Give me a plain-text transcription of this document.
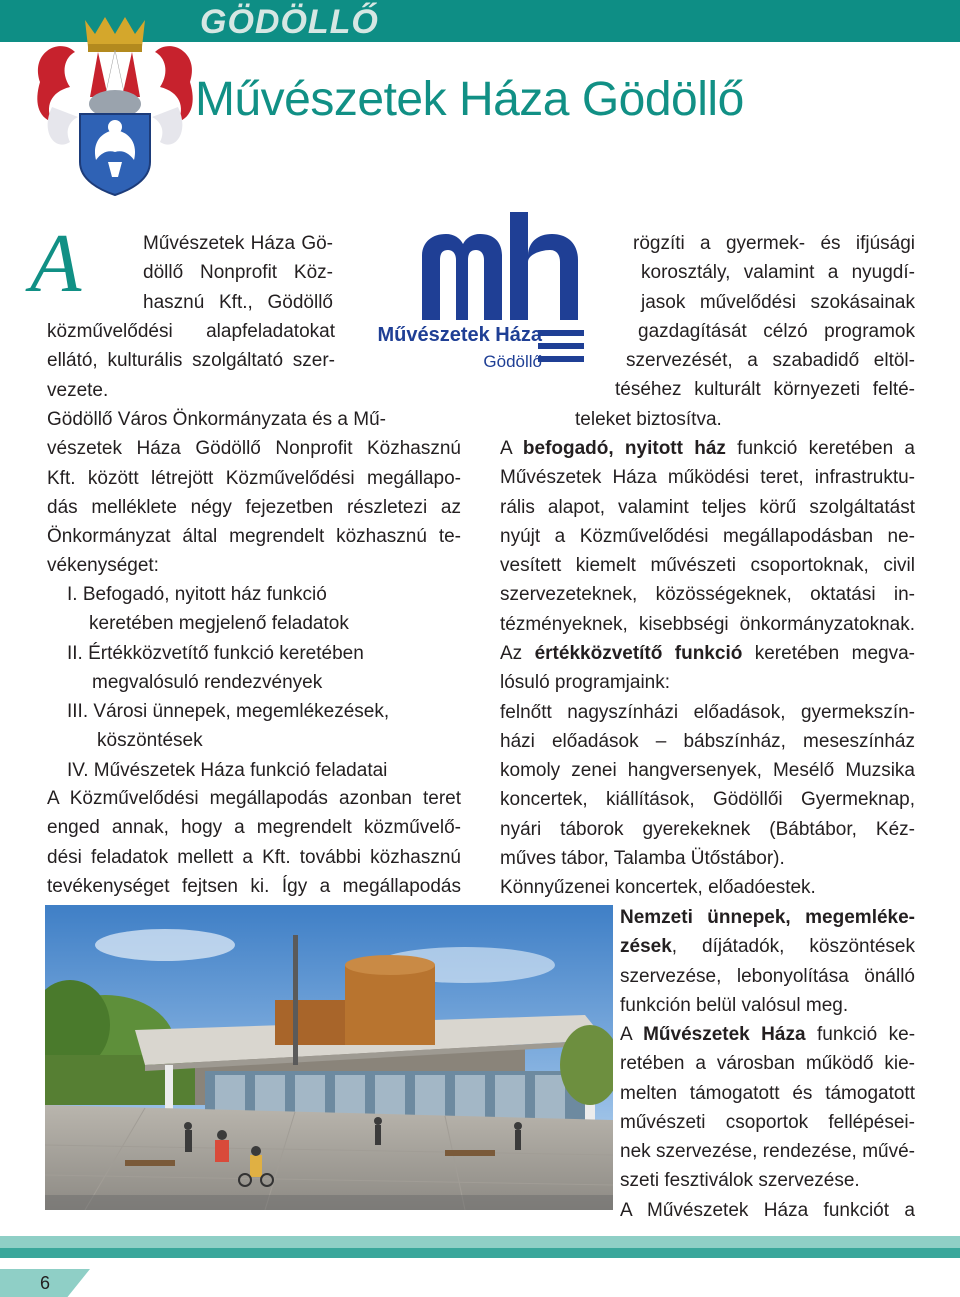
GÖDÖLLŐ
Művészetek Háza Gödöllő
Művészetek Háza
Gödöllő
A	Művészetek Háza Gö-
döllő Nonprofit Köz-
hasznú Kft., Gödöllő
közművelődési alapfeladatokat
ellátó, kulturális szolgáltató szer-
vezete.
Gödöllő Város Önkormányzata és a Mű-
vészetek Háza Gödöllő Nonprofit Közhasznú
Kft. között létrejött Közművelődési megállapo-
dás melléklete négy fejezetben részletezi az
Önkormányzat által megrendelt közhasznú te-
vékenységet:
I. Befogadó, nyitott ház funkció
keretében megjelenő feladatok
II. Értékközvetítő funkció keretében
megvalósuló rendezvények
III. Városi ünnepek, megemlékezések,
köszöntések
IV. Művészetek Háza funkció feladatai
A Közművelődési megállapodás azonban teret
enged annak, hogy a megrendelt közművelő-
dési feladatok mellett a Kft. további közhasznú
tevékenységet fejtsen ki. Így a megállapodás
rögzíti a gyermek- és ifjúsági
korosztály, valamint a nyugdí-
jasok művelődési szokásainak
gazdagítását célzó programok
szervezését, a szabadidő eltöl-
téséhez kulturált környezeti felté-
teleket biztosítva.
A befogadó, nyitott ház funkció keretében a
Művészetek Háza működési teret, infrastruktu-
rális alapot, valamint teljes körű szolgáltatást
nyújt a Közművelődési megállapodásban ne-
vesített kiemelt művészeti csoportoknak, civil
szervezeteknek, közösségeknek, oktatási in-
tézményeknek, kisebbségi önkormányzatoknak.
Az értékközvetítő funkció keretében megva-
lósuló programjaink:
felnőtt nagyszínházi előadások, gyermekszín-
házi előadások – bábszínház, meseszínház
komoly zenei hangversenyek, Mesélő Muzsika
koncertek, kiállítások, Gödöllői Gyermeknap,
nyári táborok gyerekeknek (Bábtábor, Kéz-
műves tábor, Talamba Ütőstábor).
Könnyűzenei koncertek, előadóestek.
Nemzeti ünnepek, megemléke-
zések, díjátadók, köszöntések
szervezése, lebonyolítása önálló
funkción belül valósul meg.
A Művészetek Háza funkció ke-
retében a városban működő kie-
melten támogatott és támogatott
művészeti csoportok fellépései-
nek szervezése, rendezése, művé-
szeti fesztiválok szervezése.
A Művészetek Háza funkciót a
6
